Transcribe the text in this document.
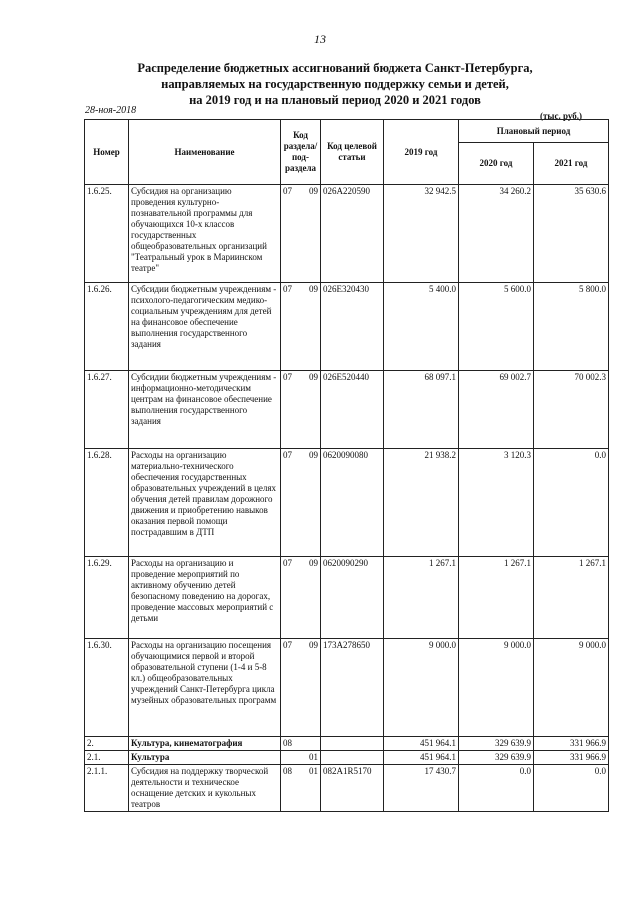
13
Распределение бюджетных ассигнований бюджета Санкт-Петербурга,
направляемых на государственную поддержку семьи и детей,
на 2019 год и на плановый период 2020 и 2021 годов
28-ноя-2018	(тыс. руб.)
Номер	Наименование	Код раздела/ под-раздела	Код целевой статьи	2019 год	Плановый период	
					2020 год	2021 год
1.6.25.	Субсидия на организацию проведения культурно-познавательной программы для обучающихся 10-х классов государственных общеобразовательных организаций "Театральный урок в Мариинском театре"	07 09	026А220590	32 942.5	34 260.2	35 630.6
1.6.26.	Субсидии бюджетным учреждениям - психолого-педагогическим медико-социальным учреждениям для детей на финансовое обеспечение выполнения государственного задания	07 09	026Е320430	5 400.0	5 600.0	5 800.0
1.6.27.	Субсидии бюджетным учреждениям - информационно-методическим центрам на финансовое обеспечение выполнения государственного задания	07 09	026Е520440	68 097.1	69 002.7	70 002.3
1.6.28.	Расходы на организацию материально-технического обеспечения государственных образовательных учреждений в целях обучения детей правилам дорожного движения и приобретению навыков оказания первой помощи пострадавшим в ДТП	07 09	0620090080	21 938.2	3 120.3	0.0
1.6.29.	Расходы на организацию и проведение мероприятий по активному обучению детей безопасному поведению на дорогах, проведение массовых мероприятий с детьми	07 09	0620090290	1 267.1	1 267.1	1 267.1
1.6.30.	Расходы на организацию посещения обучающимися первой и второй образовательной ступени (1-4 и 5-8 кл.) общеобразовательных учреждений Санкт-Петербурга цикла музейных образовательных программ	07 09	173А278650	9 000.0	9 000.0	9 000.0
2.	Культура, кинематография	08		451 964.1	329 639.9	331 966.9
2.1.	Культура	01		451 964.1	329 639.9	331 966.9
2.1.1.	Субсидия на поддержку творческой деятельности и техническое оснащение детских и кукольных театров	08 01	082А1R5170	17 430.7	0.0	0.0
